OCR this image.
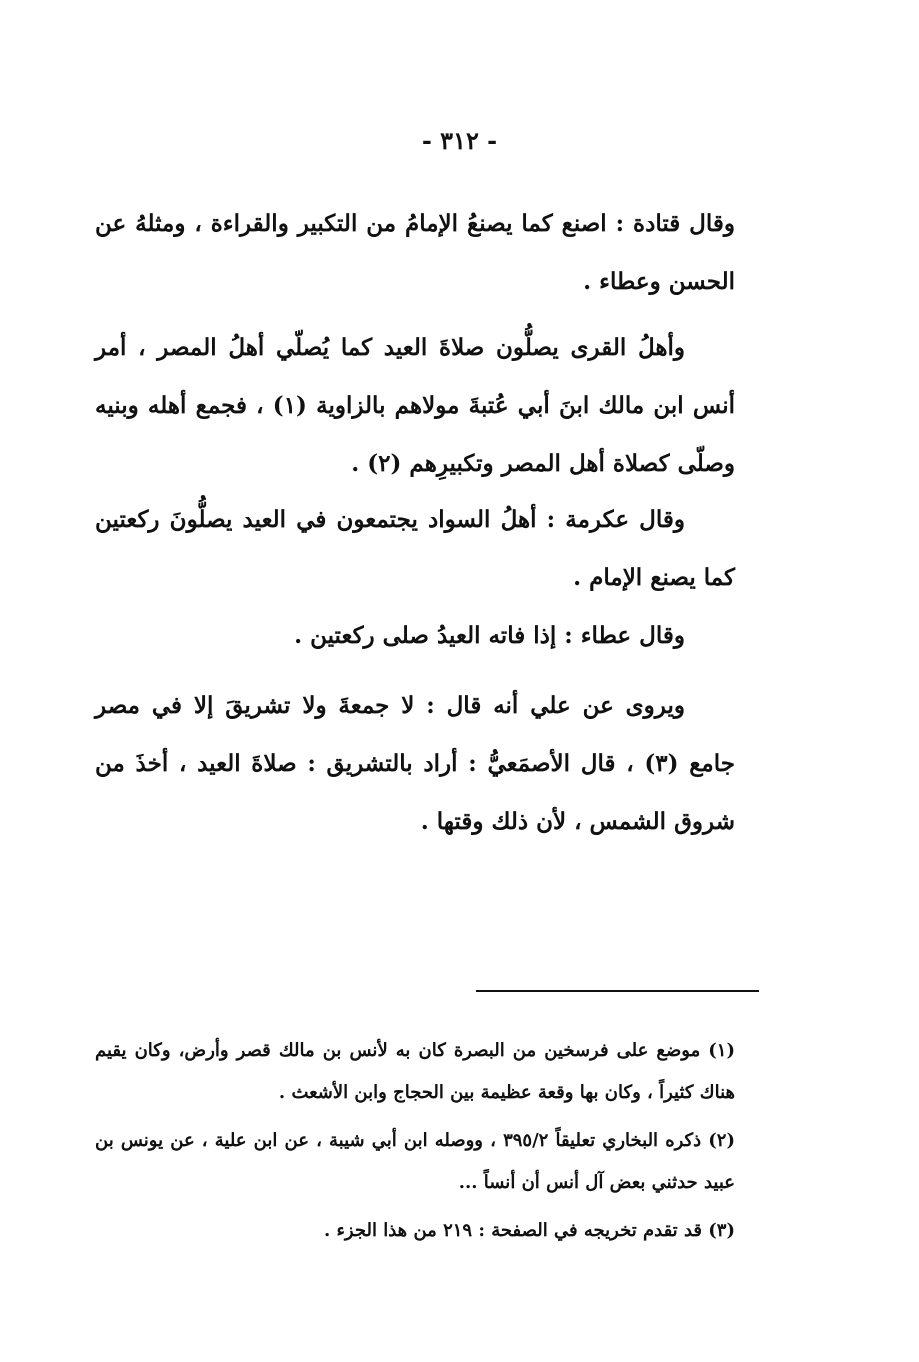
- ٣١٢ -

وقال قتادة : اصنع كما يصنعُ الإمامُ من التكبير والقراءة ، ومثلهُ عن الحسن وعطاء .

وأهلُ القرى يصلُّون صلاةَ العيد كما يُصلّي أهلُ المصر ، أمر أنس ابن مالك ابنَ أبي عُتبةَ مولاهم بالزاوية (١) ، فجمع أهله وبنيه وصلّى كصلاة أهل المصر وتكبيرِهم (٢) .

وقال عكرمة : أهلُ السواد يجتمعون في العيد يصلُّونَ ركعتين كما يصنع الإمام .

وقال عطاء : إذا فاته العيدُ صلى ركعتين .

ويروى عن علي أنه قال : لا جمعةَ ولا تشريقَ إلا في مصر جامع (٣) ، قال الأصمَعيُّ : أراد بالتشريق : صلاةَ العيد ، أخذَ من شروق الشمس ، لأن ذلك وقتها .

(١) موضع على فرسخين من البصرة كان به لأنس بن مالك قصر وأرض، وكان يقيم هناك كثيراً ، وكان بها وقعة عظيمة بين الحجاج وابن الأشعث .

(٢) ذكره البخاري تعليقاً ٣٩٥/٢ ، ووصله ابن أبي شيبة ، عن ابن علية ، عن يونس بن عبيد حدثني بعض آل أنس أن أنساً ...

(٣) قد تقدم تخريجه في الصفحة : ٢١٩ من هذا الجزء .
